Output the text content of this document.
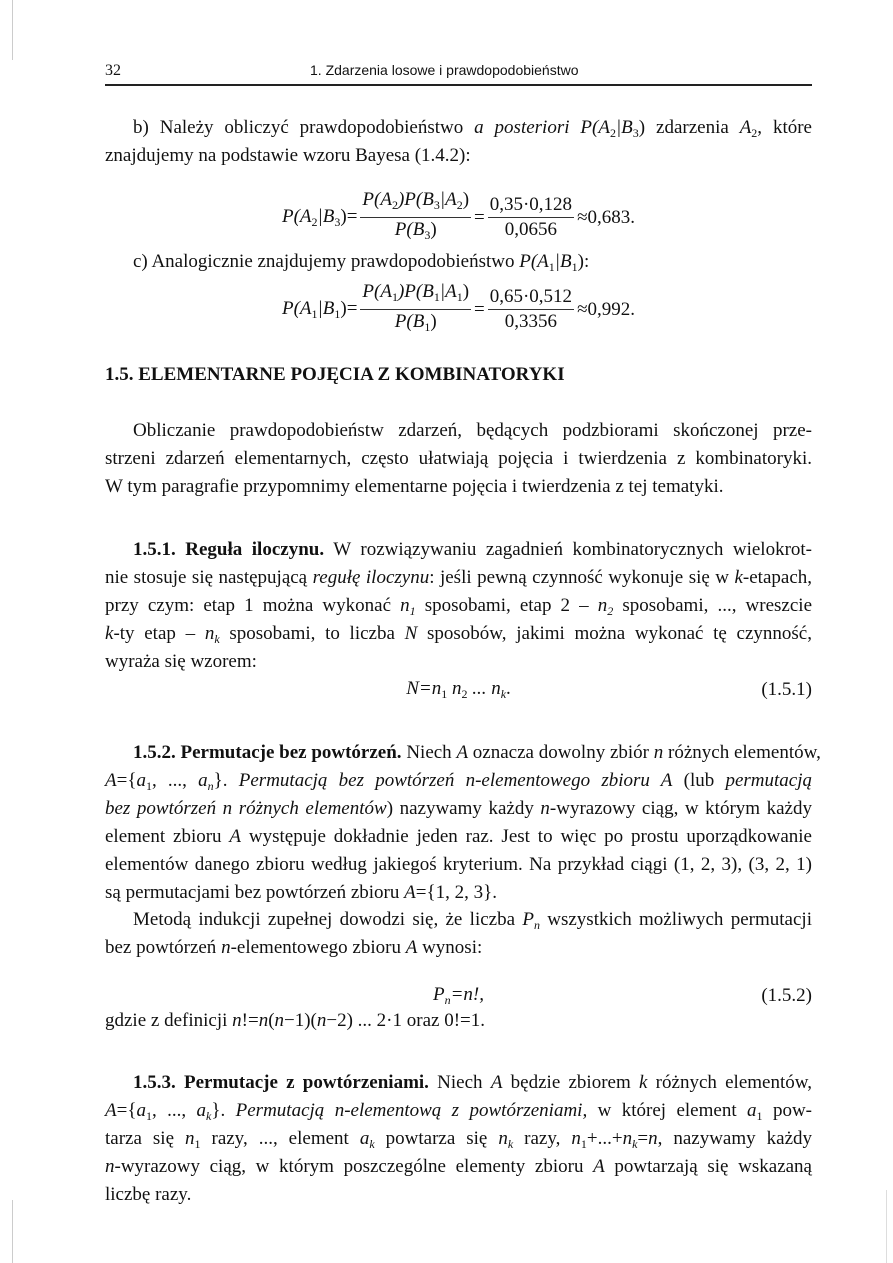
32	1. Zdarzenia losowe i prawdopodobieństwo
b) Należy obliczyć prawdopodobieństwo a posteriori $P(A_2|B_3)$ zdarzenia $A_2$, które
znajdujemy na podstawie wzoru Bayesa (1.4.2):
$P(A_2|B_3)= \frac{P(A_2)P(B_3|A_2)}{P(B_3)} = \frac{0,35\cdot 0,128}{0,0656} \approx 0,683$.
c) Analogicznie znajdujemy prawdopodobieństwo $P(A_1|B_1)$:
$P(A_1|B_1)= \frac{P(A_1)P(B_1|A_1)}{P(B_1)} = \frac{0,65\cdot 0,512}{0,3356} \approx 0,992$.
1.5. ELEMENTARNE POJĘCIA Z KOMBINATORYKI
Obliczanie prawdopodobieństw zdarzeń, będących podzbiorami skończonej prze-
strzeni zdarzeń elementarnych, często ułatwiają pojęcia i twierdzenia z kombinatoryki.
W tym paragrafie przypomnimy elementarne pojęcia i twierdzenia z tej tematyki.
1.5.1. Reguła iloczynu. W rozwiązywaniu zagadnień kombinatorycznych wielokrot-
nie stosuje się następującą regułę iloczynu: jeśli pewną czynność wykonuje się w k-etapach,
przy czym: etap 1 można wykonać $n_1$ sposobami, etap $2 - n_2$ sposobami, ..., wreszcie
k-ty etap – $n_k$ sposobami, to liczba N sposobów, jakimi można wykonać tę czynność,
wyraża się wzorem:
$N=n_1$ $n_2$ ... $n_k$.	(1.5.1)
1.5.2. Permutacje bez powtórzeń. Niech A oznacza dowolny zbiór n różnych elementów,
$A=\{a_1$, ..., $a_n$}. Permutacją bez powtórzeń n-elementowego zbioru A (lub permutacją
bez powtórzeń n różnych elementów) nazywamy każdy n-wyrazowy ciąg, w którym każdy
element zbioru A występuje dokładnie jeden raz. Jest to więc po prostu uporządkowanie
elementów danego zbioru według jakiegoś kryterium. Na przykład ciągi (1, 2, 3), (3, 2, 1)
są permutacjami bez powtórzeń zbioru A={1, 2, 3}.
Metodą indukcji zupełnej dowodzi się, że liczba $P_n$ wszystkich możliwych permutacji
bez powtórzeń n-elementowego zbioru A wynosi:
$P_n=n$!,	(1.5.2)
gdzie z definicji n!=n(n−1)(n−2) ... 2·1 oraz 0!=1.
1.5.3. Permutacje z powtórzeniami. Niech A będzie zbiorem k różnych elementów,
$A=\{a_1$, ..., $a_k$}. Permutacją n-elementową z powtórzeniami, w której element $a_1$ pow-
tarza się $n_1$ razy, ..., element $a_k$ powtarza się $n_k$ razy, $n_1+...+n_k=n$, nazywamy każdy
n-wyrazowy ciąg, w którym poszczególne elementy zbioru A powtarzają się wskazaną
liczbę razy.
